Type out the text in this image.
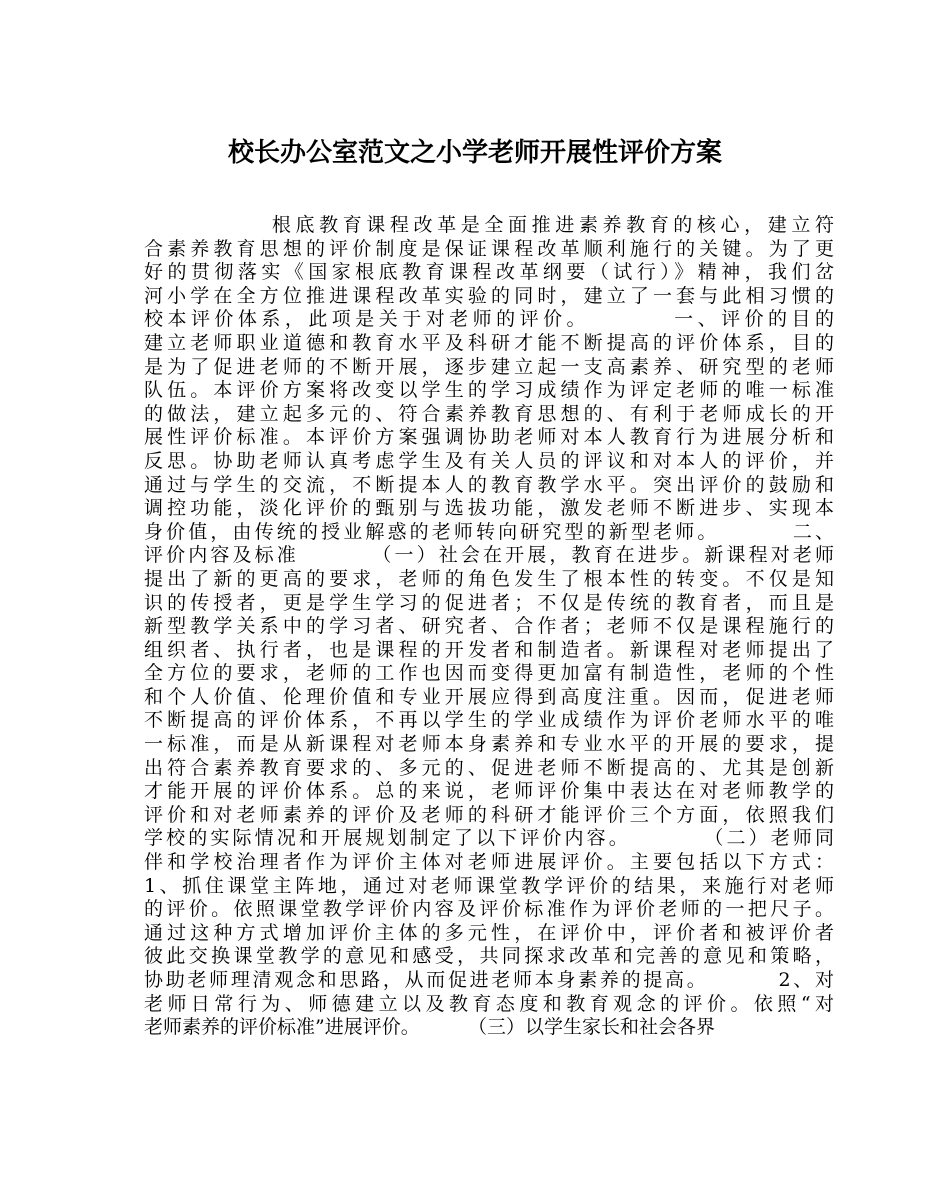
校长办公室范文之小学老师开展性评价方案
根底教育课程改革是全面推进素养教育的核心，建立符
合素养教育思想的评价制度是保证课程改革顺利施行的关键。为了更
好的贯彻落实《国家根底教育课程改革纲要（试行）》精神，我们岔
河小学在全方位推进课程改革实验的同时，建立了一套与此相习惯的
校本评价体系，此项是关于对老师的评价。        一、评价的目的
建立老师职业道德和教育水平及科研才能不断提高的评价体系，目的
是为了促进老师的不断开展，逐步建立起一支高素养、研究型的老师
队伍。本评价方案将改变以学生的学习成绩作为评定老师的唯一标准
的做法，建立起多元的、符合素养教育思想的、有利于老师成长的开
展性评价标准。本评价方案强调协助老师对本人教育行为进展分析和
反思。协助老师认真考虑学生及有关人员的评议和对本人的评价，并
通过与学生的交流，不断提本人的教育教学水平。突出评价的鼓励和
调控功能，淡化评价的甄别与选拔功能，激发老师不断进步、实现本
身价值，由传统的授业解惑的老师转向研究型的新型老师。        二、
评价内容及标准        （一）社会在开展，教育在进步。新课程对老师
提出了新的更高的要求，老师的角色发生了根本性的转变。不仅是知
识的传授者，更是学生学习的促进者；不仅是传统的教育者，而且是
新型教学关系中的学习者、研究者、合作者；老师不仅是课程施行的
组织者、执行者，也是课程的开发者和制造者。新课程对老师提出了
全方位的要求，老师的工作也因而变得更加富有制造性，老师的个性
和个人价值、伦理价值和专业开展应得到高度注重。因而，促进老师
不断提高的评价体系，不再以学生的学业成绩作为评价老师水平的唯
一标准，而是从新课程对老师本身素养和专业水平的开展的要求，提
出符合素养教育要求的、多元的、促进老师不断提高的、尤其是创新
才能开展的评价体系。总的来说，老师评价集中表达在对老师教学的
评价和对老师素养的评价及老师的科研才能评价三个方面，依照我们
学校的实际情况和开展规划制定了以下评价内容。        （二）老师同
伴和学校治理者作为评价主体对老师进展评价。主要包括以下方式：
1、抓住课堂主阵地，通过对老师课堂教学评价的结果，来施行对老师
的评价。依照课堂教学评价内容及评价标准作为评价老师的一把尺子。
通过这种方式增加评价主体的多元性，在评价中，评价者和被评价者
彼此交换课堂教学的意见和感受，共同探求改革和完善的意见和策略，
协助老师理清观念和思路，从而促进老师本身素养的提高。        2、对
老师日常行为、师德建立以及教育态度和教育观念的评价。依照“对
老师素养的评价标准”进展评价。        （三）以学生家长和社会各界
